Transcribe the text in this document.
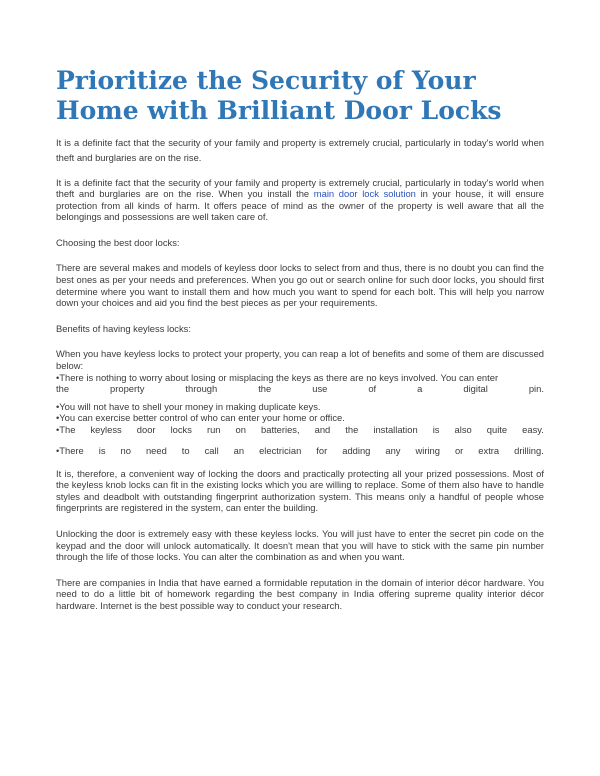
Prioritize the Security of Your Home with Brilliant Door Locks

It is a definite fact that the security of your family and property is extremely crucial, particularly in today's world when theft and burglaries are on the rise.

It is a definite fact that the security of your family and property is extremely crucial, particularly in today's world when theft and burglaries are on the rise. When you install the main door lock solution in your house, it will ensure protection from all kinds of harm. It offers peace of mind as the owner of the property is well aware that all the belongings and possessions are well taken care of.

Choosing the best door locks:

There are several makes and models of keyless door locks to select from and thus, there is no doubt you can find the best ones as per your needs and preferences. When you go out or search online for such door locks, you should first determine where you want to install them and how much you want to spend for each bolt. This will help you narrow down your choices and aid you find the best pieces as per your requirements.

Benefits of having keyless locks:

When you have keyless locks to protect your property, you can reap a lot of benefits and some of them are discussed below:

•There is nothing to worry about losing or misplacing the keys as there are no keys involved. You can enter

the	property	through	the	use	of	a	digital	pin.

•You will not have to shell your money in making duplicate keys.

•You can exercise better control of who can enter your home or office.

•The keyless door locks run on batteries, and the installation is also quite easy.

•There is no need to call an electrician for adding any wiring or extra drilling.

It is, therefore, a convenient way of locking the doors and practically protecting all your prized possessions. Most of the keyless knob locks can fit in the existing locks which you are willing to replace. Some of them also have to handle styles and deadbolt with outstanding fingerprint authorization system. This means only a handful of people whose fingerprints are registered in the system, can enter the building.

Unlocking the door is extremely easy with these keyless locks. You will just have to enter the secret pin code on the keypad and the door will unlock automatically. It doesn't mean that you will have to stick with the same pin number through the life of those locks. You can alter the combination as and when you want.

There are companies in India that have earned a formidable reputation in the domain of interior décor hardware. You need to do a little bit of homework regarding the best company in India offering supreme quality interior décor hardware. Internet is the best possible way to conduct your research.
